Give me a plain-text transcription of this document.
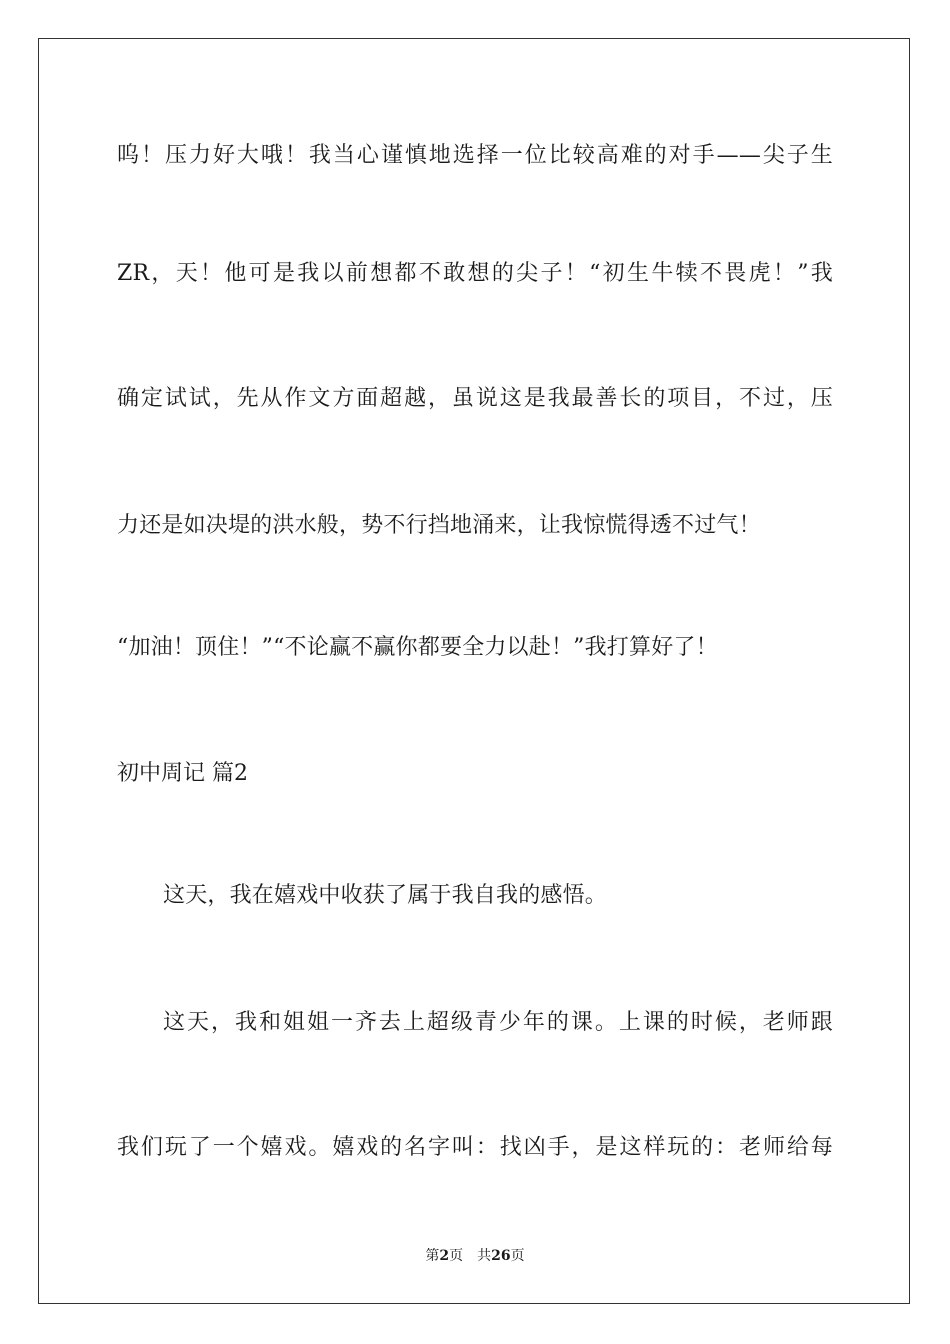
呜！压力好大哦！我当心谨慎地选择一位比较高难的对手——尖子生
ZR，天！他可是我以前想都不敢想的尖子！“初生牛犊不畏虎！”我
确定试试，先从作文方面超越，虽说这是我最善长的项目，不过，压
力还是如决堤的洪水般，势不行挡地涌来，让我惊慌得透不过气！
“加油！顶住！”“不论赢不赢你都要全力以赴！”我打算好了！
初中周记 篇2
这天，我在嬉戏中收获了属于我自我的感悟。
这天，我和姐姐一齐去上超级青少年的课。上课的时候，老师跟
我们玩了一个嬉戏。嬉戏的名字叫：找凶手，是这样玩的：老师给每
第2页 共26页
